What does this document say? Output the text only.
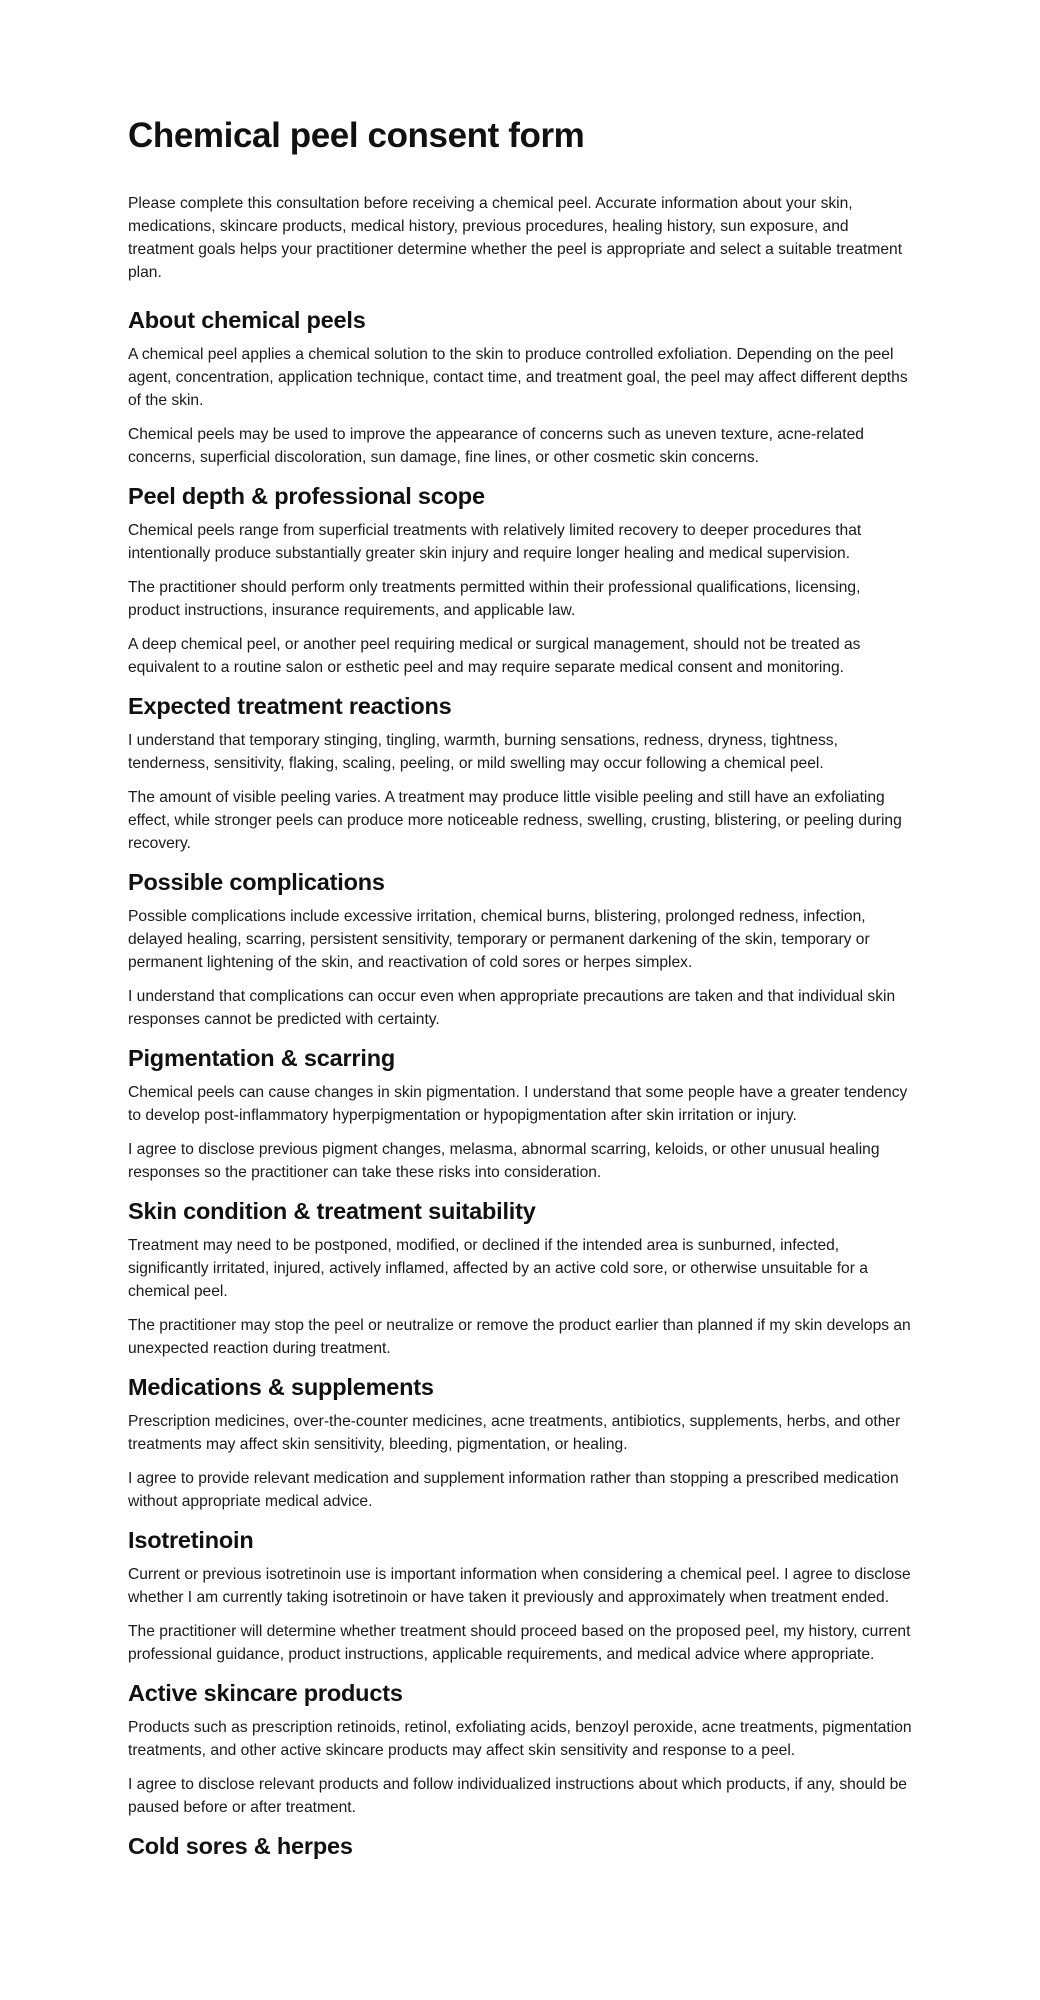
Chemical peel consent form

Please complete this consultation before receiving a chemical peel. Accurate information about your skin, medications, skincare products, medical history, previous procedures, healing history, sun exposure, and treatment goals helps your practitioner determine whether the peel is appropriate and select a suitable treatment plan.

About chemical peels

A chemical peel applies a chemical solution to the skin to produce controlled exfoliation. Depending on the peel agent, concentration, application technique, contact time, and treatment goal, the peel may affect different depths of the skin.

Chemical peels may be used to improve the appearance of concerns such as uneven texture, acne-related concerns, superficial discoloration, sun damage, fine lines, or other cosmetic skin concerns.

Peel depth & professional scope

Chemical peels range from superficial treatments with relatively limited recovery to deeper procedures that intentionally produce substantially greater skin injury and require longer healing and medical supervision.

The practitioner should perform only treatments permitted within their professional qualifications, licensing, product instructions, insurance requirements, and applicable law.

A deep chemical peel, or another peel requiring medical or surgical management, should not be treated as equivalent to a routine salon or esthetic peel and may require separate medical consent and monitoring.

Expected treatment reactions

I understand that temporary stinging, tingling, warmth, burning sensations, redness, dryness, tightness, tenderness, sensitivity, flaking, scaling, peeling, or mild swelling may occur following a chemical peel.

The amount of visible peeling varies. A treatment may produce little visible peeling and still have an exfoliating effect, while stronger peels can produce more noticeable redness, swelling, crusting, blistering, or peeling during recovery.

Possible complications

Possible complications include excessive irritation, chemical burns, blistering, prolonged redness, infection, delayed healing, scarring, persistent sensitivity, temporary or permanent darkening of the skin, temporary or permanent lightening of the skin, and reactivation of cold sores or herpes simplex.

I understand that complications can occur even when appropriate precautions are taken and that individual skin responses cannot be predicted with certainty.

Pigmentation & scarring

Chemical peels can cause changes in skin pigmentation. I understand that some people have a greater tendency to develop post-inflammatory hyperpigmentation or hypopigmentation after skin irritation or injury.

I agree to disclose previous pigment changes, melasma, abnormal scarring, keloids, or other unusual healing responses so the practitioner can take these risks into consideration.

Skin condition & treatment suitability

Treatment may need to be postponed, modified, or declined if the intended area is sunburned, infected, significantly irritated, injured, actively inflamed, affected by an active cold sore, or otherwise unsuitable for a chemical peel.

The practitioner may stop the peel or neutralize or remove the product earlier than planned if my skin develops an unexpected reaction during treatment.

Medications & supplements

Prescription medicines, over-the-counter medicines, acne treatments, antibiotics, supplements, herbs, and other treatments may affect skin sensitivity, bleeding, pigmentation, or healing.

I agree to provide relevant medication and supplement information rather than stopping a prescribed medication without appropriate medical advice.

Isotretinoin

Current or previous isotretinoin use is important information when considering a chemical peel. I agree to disclose whether I am currently taking isotretinoin or have taken it previously and approximately when treatment ended.

The practitioner will determine whether treatment should proceed based on the proposed peel, my history, current professional guidance, product instructions, applicable requirements, and medical advice where appropriate.

Active skincare products

Products such as prescription retinoids, retinol, exfoliating acids, benzoyl peroxide, acne treatments, pigmentation treatments, and other active skincare products may affect skin sensitivity and response to a peel.

I agree to disclose relevant products and follow individualized instructions about which products, if any, should be paused before or after treatment.

Cold sores & herpes
